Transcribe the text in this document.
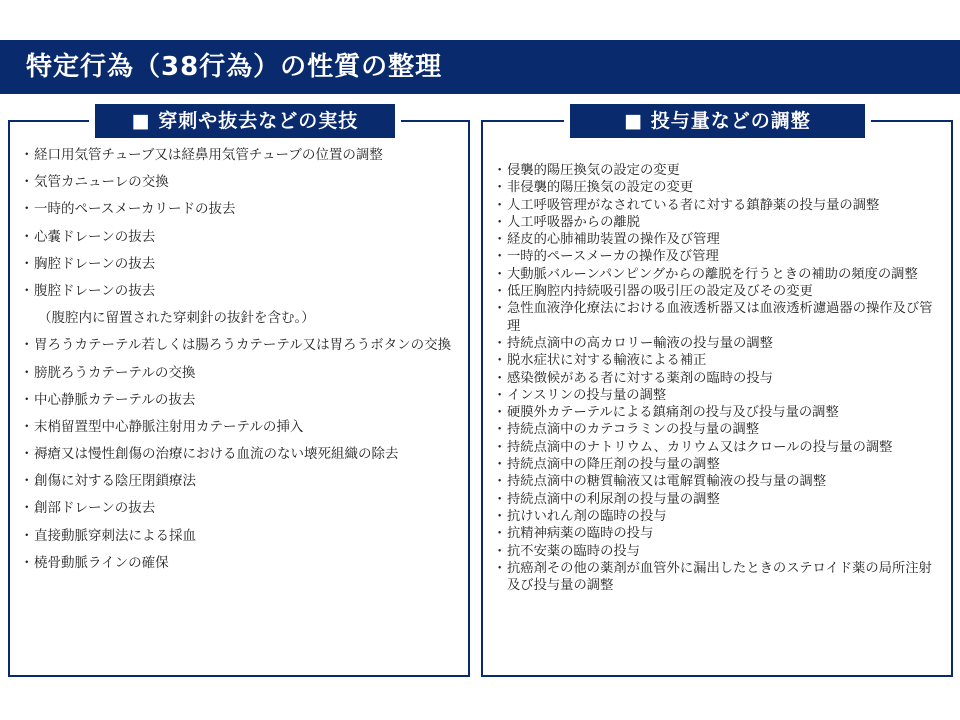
特定行為（38行為）の性質の整理
■ 穿刺や抜去などの実技	■ 投与量などの調整
・経口用気管チューブ又は経鼻用気管チューブの位置の調整
・気管カニューレの交換
・一時的ペースメーカリードの抜去
・心嚢ドレーンの抜去
・胸腔ドレーンの抜去
・腹腔ドレーンの抜去
（腹腔内に留置された穿刺針の抜針を含む。）
・胃ろうカテーテル若しくは腸ろうカテーテル又は胃ろうボタンの交換
・膀胱ろうカテーテルの交換
・中心静脈カテーテルの抜去
・末梢留置型中心静脈注射用カテーテルの挿入
・褥瘡又は慢性創傷の治療における血流のない壊死組織の除去
・創傷に対する陰圧閉鎖療法
・創部ドレーンの抜去
・直接動脈穿刺法による採血
・橈骨動脈ラインの確保
・侵襲的陽圧換気の設定の変更
・非侵襲的陽圧換気の設定の変更
・人工呼吸管理がなされている者に対する鎮静薬の投与量の調整
・人工呼吸器からの離脱
・経皮的心肺補助装置の操作及び管理
・一時的ペースメーカの操作及び管理
・大動脈バルーンパンピングからの離脱を行うときの補助の頻度の調整
・低圧胸腔内持続吸引器の吸引圧の設定及びその変更
・急性血液浄化療法における血液透析器又は血液透析濾過器の操作及び管理
・持続点滴中の高カロリー輸液の投与量の調整
・脱水症状に対する輸液による補正
・感染徴候がある者に対する薬剤の臨時の投与
・インスリンの投与量の調整
・硬膜外カテーテルによる鎮痛剤の投与及び投与量の調整
・持続点滴中のカテコラミンの投与量の調整
・持続点滴中のナトリウム、カリウム又はクロールの投与量の調整
・持続点滴中の降圧剤の投与量の調整
・持続点滴中の糖質輸液又は電解質輸液の投与量の調整
・持続点滴中の利尿剤の投与量の調整
・抗けいれん剤の臨時の投与
・抗精神病薬の臨時の投与
・抗不安薬の臨時の投与
・抗癌剤その他の薬剤が血管外に漏出したときのステロイド薬の局所注射及び投与量の調整
